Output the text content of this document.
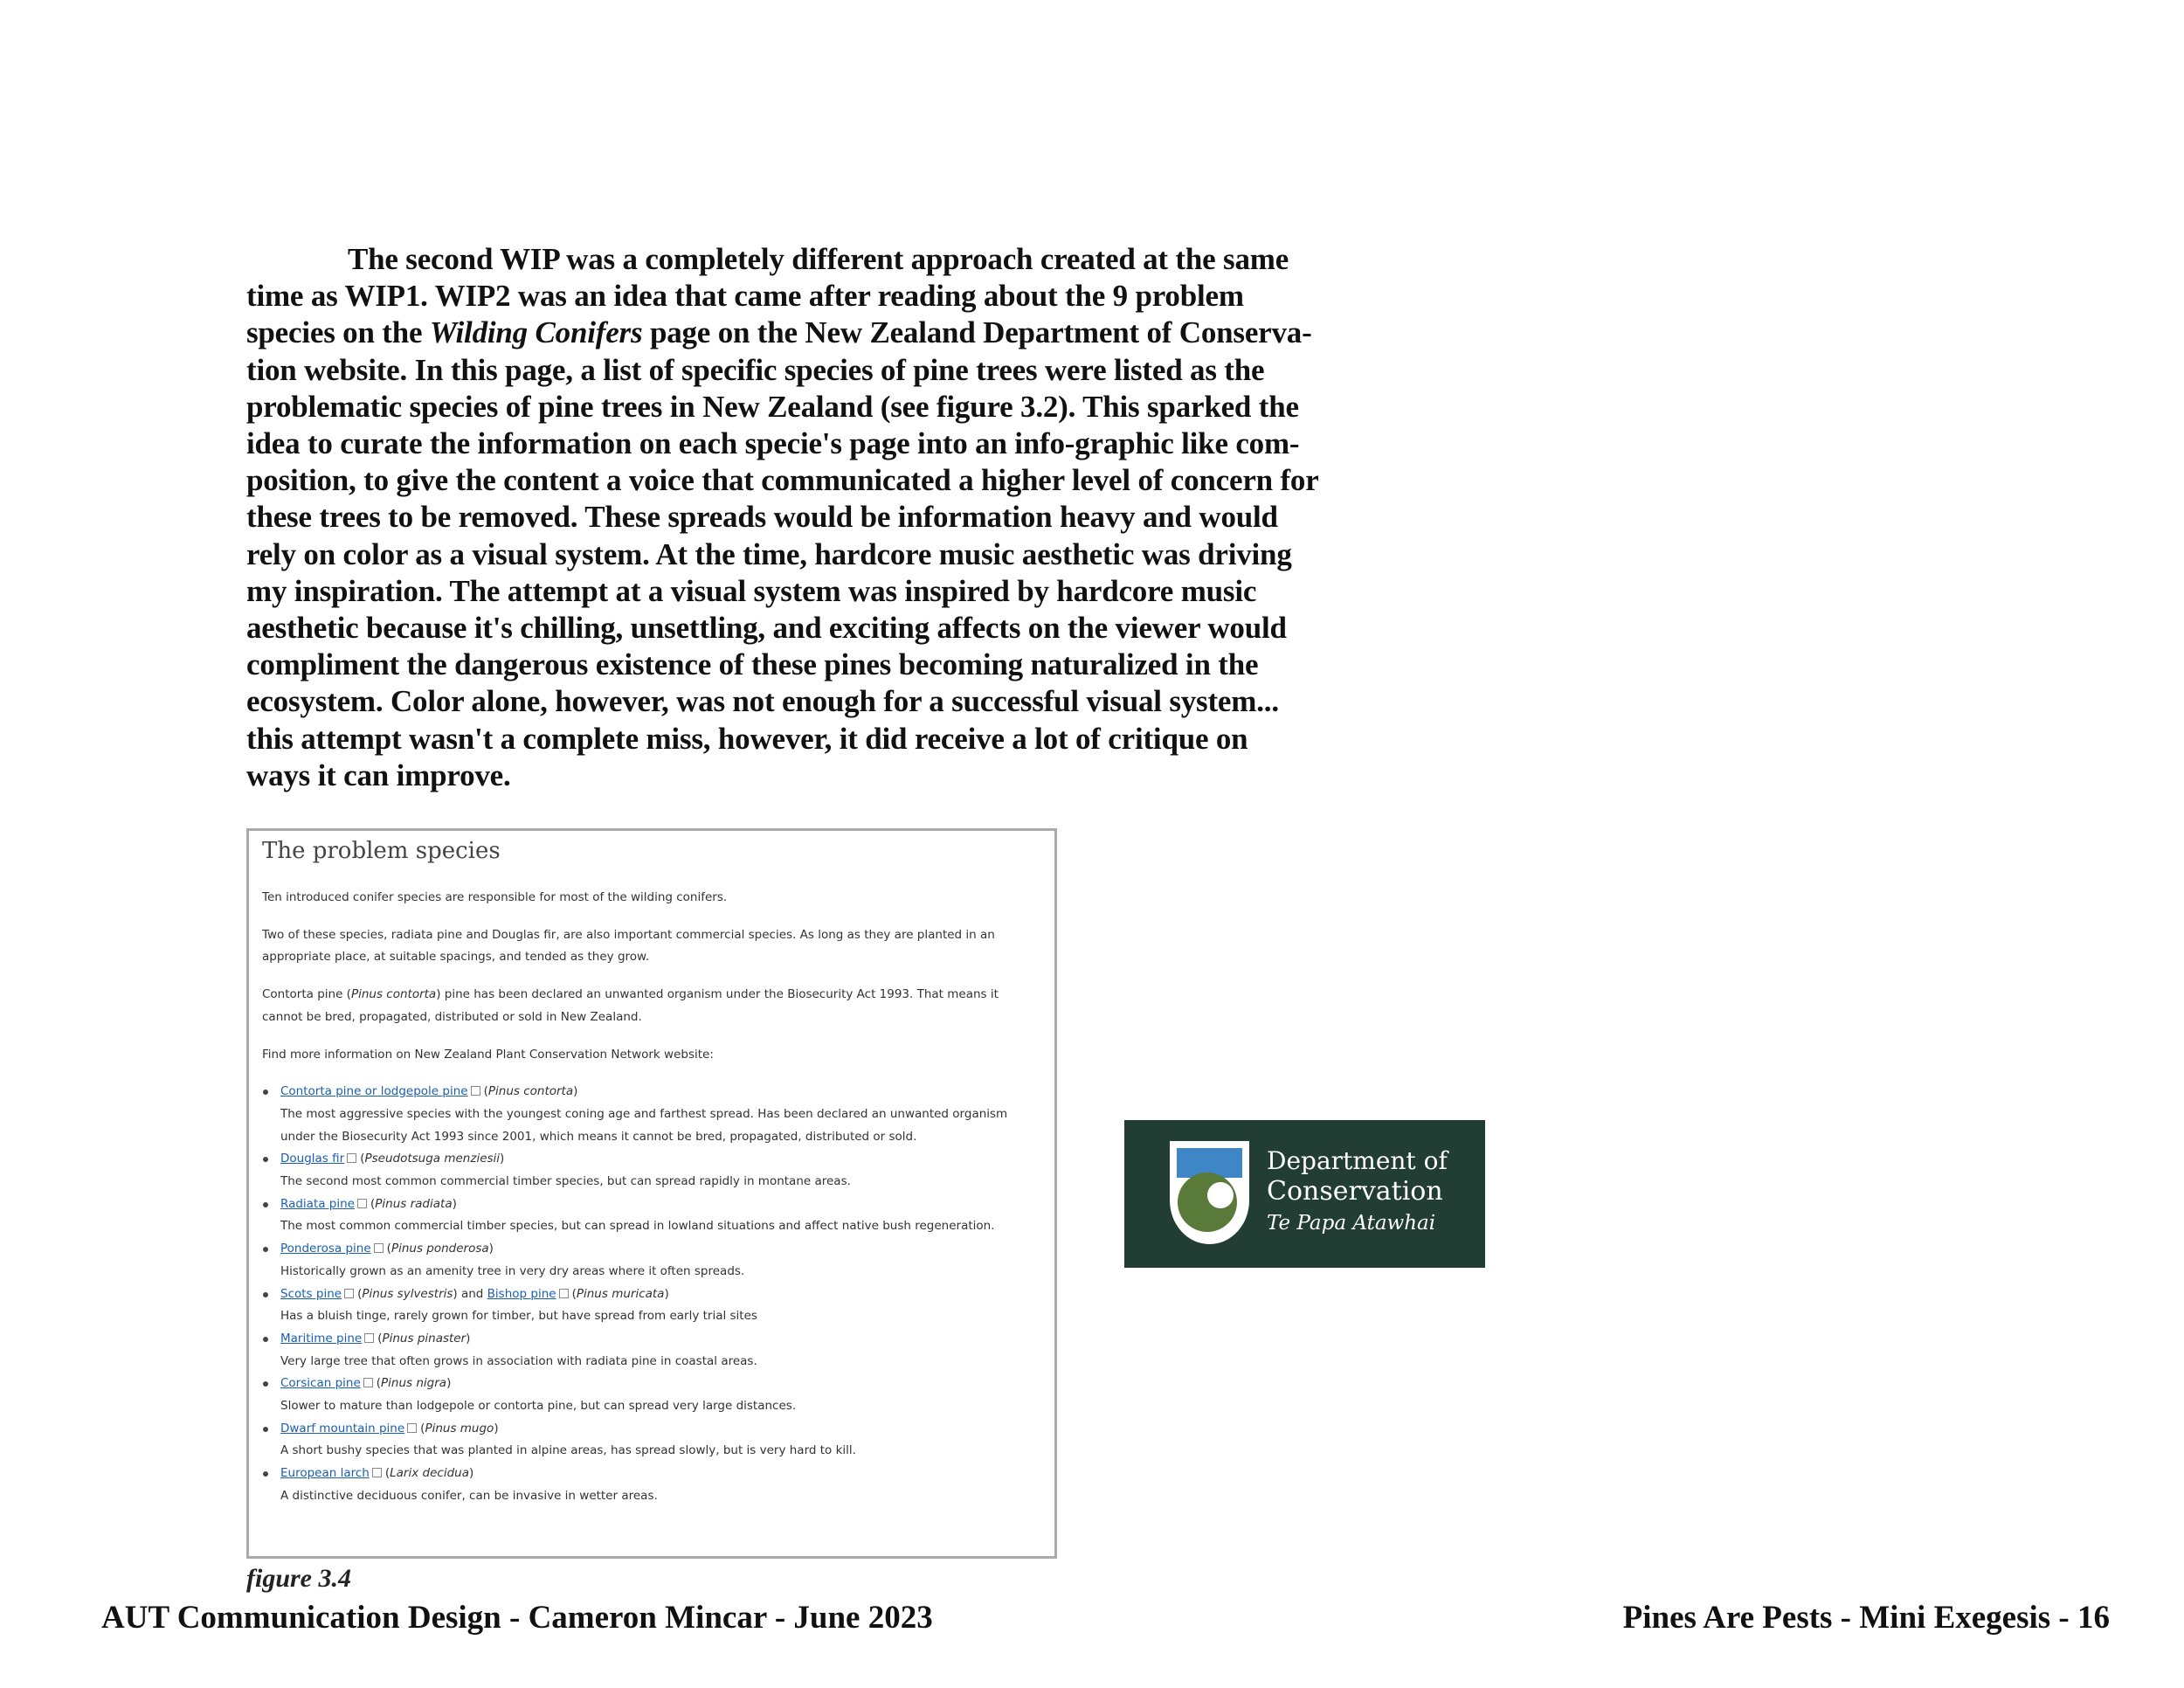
The second WIP was a completely different approach created at the same
time as WIP1. WIP2 was an idea that came after reading about the 9 problem
species on the Wilding Conifers page on the New Zealand Department of Conserva-
tion website. In this page, a list of specific species of pine trees were listed as the
problematic species of pine trees in New Zealand (see figure 3.2). This sparked the
idea to curate the information on each specie's page into an info-graphic like com-
position, to give the content a voice that communicated a higher level of concern for
these trees to be removed. These spreads would be information heavy and would
rely on color as a visual system. At the time, hardcore music aesthetic was driving
my inspiration. The attempt at a visual system was inspired by hardcore music
aesthetic because it's chilling, unsettling, and exciting affects on the viewer would
compliment the dangerous existence of these pines becoming naturalized in the
ecosystem. Color alone, however, was not enough for a successful visual system...
this attempt wasn't a complete miss, however, it did receive a lot of critique on
ways it can improve.
The problem species

Ten introduced conifer species are responsible for most of the wilding conifers.

Two of these species, radiata pine and Douglas fir, are also important commercial species. As long as they are planted in an appropriate place, at suitable spacings, and tended as they grow.

Contorta pine (Pinus contorta) pine has been declared an unwanted organism under the Biosecurity Act 1993. That means it cannot be bred, propagated, distributed or sold in New Zealand.

Find more information on New Zealand Plant Conservation Network website:

Contorta pine or lodgepole pine (Pinus contorta)
The most aggressive species with the youngest coning age and farthest spread. Has been declared an unwanted organism under the Biosecurity Act 1993 since 2001, which means it cannot be bred, propagated, distributed or sold.
Douglas fir (Pseudotsuga menziesii)
The second most common commercial timber species, but can spread rapidly in montane areas.
Radiata pine (Pinus radiata)
The most common commercial timber species, but can spread in lowland situations and affect native bush regeneration.
Ponderosa pine (Pinus ponderosa)
Historically grown as an amenity tree in very dry areas where it often spreads.
Scots pine (Pinus sylvestris) and Bishop pine (Pinus muricata)
Has a bluish tinge, rarely grown for timber, but have spread from early trial sites
Maritime pine (Pinus pinaster)
Very large tree that often grows in association with radiata pine in coastal areas.
Corsican pine (Pinus nigra)
Slower to mature than lodgepole or contorta pine, but can spread very large distances.
Dwarf mountain pine (Pinus mugo)
A short bushy species that was planted in alpine areas, has spread slowly, but is very hard to kill.
European larch (Larix decidua)
A distinctive deciduous conifer, can be invasive in wetter areas.
figure 3.4
Department of
Conservation
Te Papa Atawhai
AUT Communication Design - Cameron Mincar - June 2023	Pines Are Pests - Mini Exegesis - 16
